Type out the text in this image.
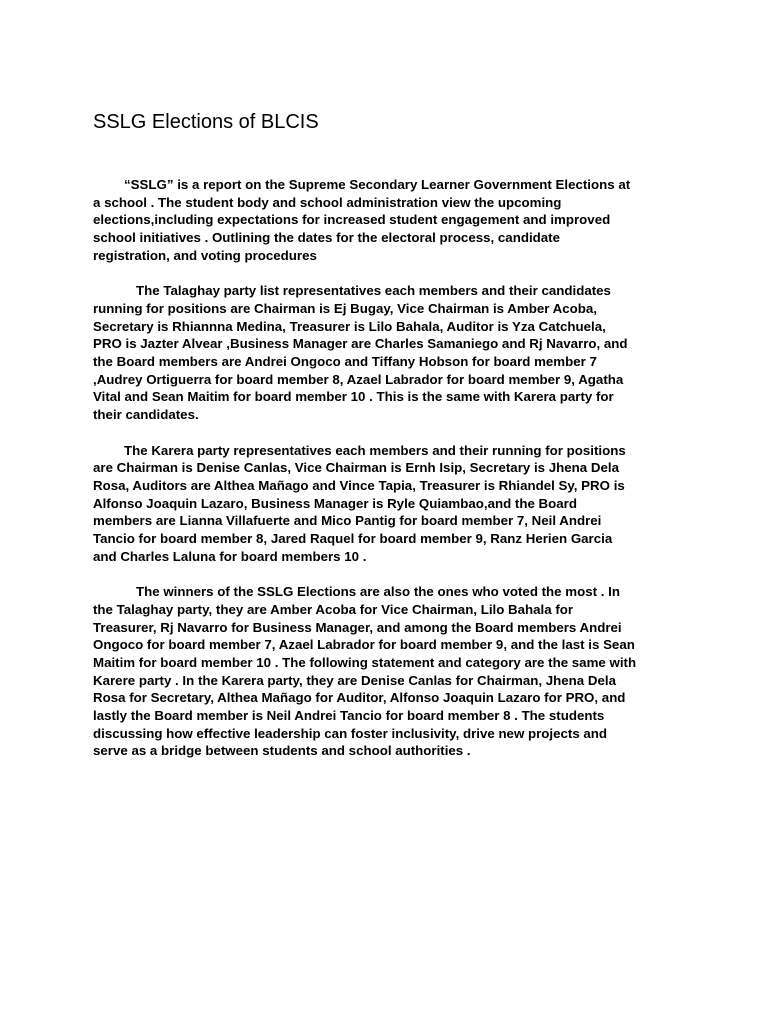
SSLG Elections of BLCIS

“SSLG” is a report on the Supreme Secondary Learner Government Elections at
a school . The student body and school administration view the upcoming
elections,including expectations for increased student engagement and improved
school initiatives . Outlining the dates for the electoral process, candidate
registration, and voting procedures

The Talaghay party list representatives each members and their candidates
running for positions are Chairman is Ej Bugay, Vice Chairman is Amber Acoba,
Secretary is Rhiannna Medina, Treasurer is Lilo Bahala, Auditor is Yza Catchuela,
PRO is Jazter Alvear ,Business Manager are Charles Samaniego and Rj Navarro, and
the Board members are Andrei Ongoco and Tiffany Hobson for board member 7
,Audrey Ortiguerra for board member 8, Azael Labrador for board member 9, Agatha
Vital and Sean Maitim for board member 10 . This is the same with Karera party for
their candidates.

The Karera party representatives each members and their running for positions
are Chairman is Denise Canlas, Vice Chairman is Ernh Isip, Secretary is Jhena Dela
Rosa, Auditors are Althea Mañago and Vince Tapia, Treasurer is Rhiandel Sy, PRO is
Alfonso Joaquin Lazaro, Business Manager is Ryle Quiambao,and the Board
members are Lianna Villafuerte and Mico Pantig for board member 7, Neil Andrei
Tancio for board member 8, Jared Raquel for board member 9, Ranz Herien Garcia
and Charles Laluna for board members 10 .

The winners of the SSLG Elections are also the ones who voted the most . In
the Talaghay party, they are Amber Acoba for Vice Chairman, Lilo Bahala for
Treasurer, Rj Navarro for Business Manager, and among the Board members Andrei
Ongoco for board member 7, Azael Labrador for board member 9, and the last is Sean
Maitim for board member 10 . The following statement and category are the same with
Karere party . In the Karera party, they are Denise Canlas for Chairman, Jhena Dela
Rosa for Secretary, Althea Mañago for Auditor, Alfonso Joaquin Lazaro for PRO, and
lastly the Board member is Neil Andrei Tancio for board member 8 . The students
discussing how effective leadership can foster inclusivity, drive new projects and
serve as a bridge between students and school authorities .
